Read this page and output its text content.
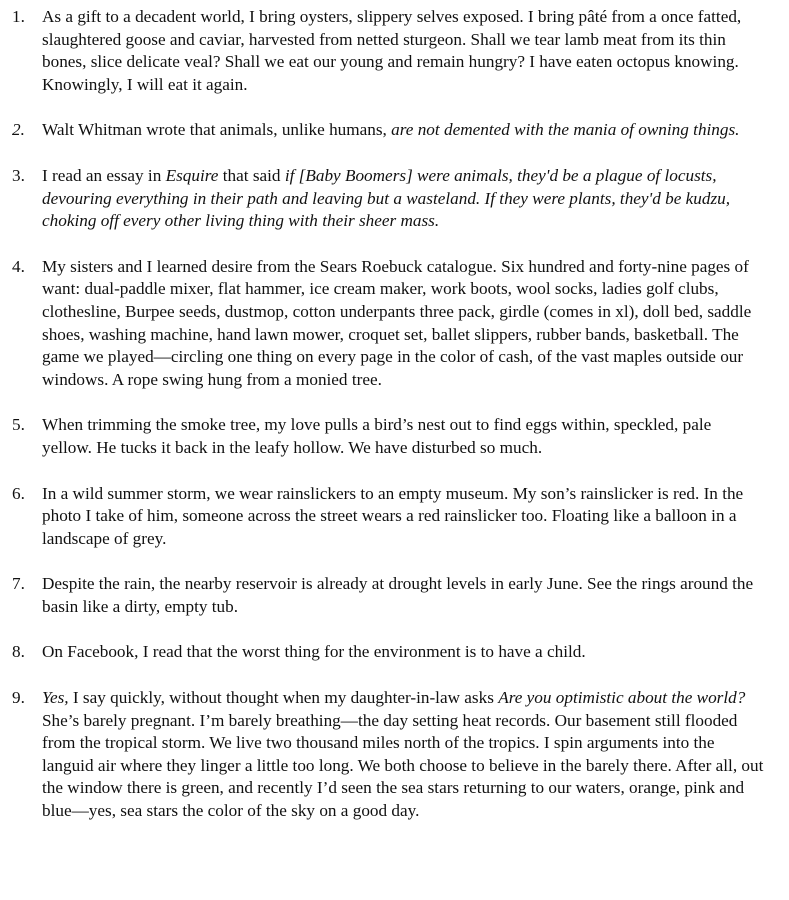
1. As a gift to a decadent world, I bring oysters, slippery selves exposed. I bring pâté from a once fatted, slaughtered goose and caviar, harvested from netted sturgeon. Shall we tear lamb meat from its thin bones, slice delicate veal? Shall we eat our young and remain hungry? I have eaten octopus knowing. Knowingly, I will eat it again.
2. Walt Whitman wrote that animals, unlike humans, are not demented with the mania of owning things.
3. I read an essay in Esquire that said if [Baby Boomers] were animals, they'd be a plague of locusts, devouring everything in their path and leaving but a wasteland. If they were plants, they'd be kudzu, choking off every other living thing with their sheer mass.
4. My sisters and I learned desire from the Sears Roebuck catalogue. Six hundred and forty-nine pages of want: dual-paddle mixer, flat hammer, ice cream maker, work boots, wool socks, ladies golf clubs, clothesline, Burpee seeds, dustmop, cotton underpants three pack, girdle (comes in xl), doll bed, saddle shoes, washing machine, hand lawn mower, croquet set, ballet slippers, rubber bands, basketball. The game we played—circling one thing on every page in the color of cash, of the vast maples outside our windows. A rope swing hung from a monied tree.
5. When trimming the smoke tree, my love pulls a bird’s nest out to find eggs within, speckled, pale yellow. He tucks it back in the leafy hollow. We have disturbed so much.
6. In a wild summer storm, we wear rainslickers to an empty museum. My son’s rainslicker is red. In the photo I take of him, someone across the street wears a red rainslicker too. Floating like a balloon in a landscape of grey.
7. Despite the rain, the nearby reservoir is already at drought levels in early June. See the rings around the basin like a dirty, empty tub.
8. On Facebook, I read that the worst thing for the environment is to have a child.
9. Yes, I say quickly, without thought when my daughter-in-law asks Are you optimistic about the world? She’s barely pregnant. I’m barely breathing—the day setting heat records. Our basement still flooded from the tropical storm. We live two thousand miles north of the tropics. I spin arguments into the languid air where they linger a little too long. We both choose to believe in the barely there. After all, out the window there is green, and recently I’d seen the sea stars returning to our waters, orange, pink and blue—yes, sea stars the color of the sky on a good day.
